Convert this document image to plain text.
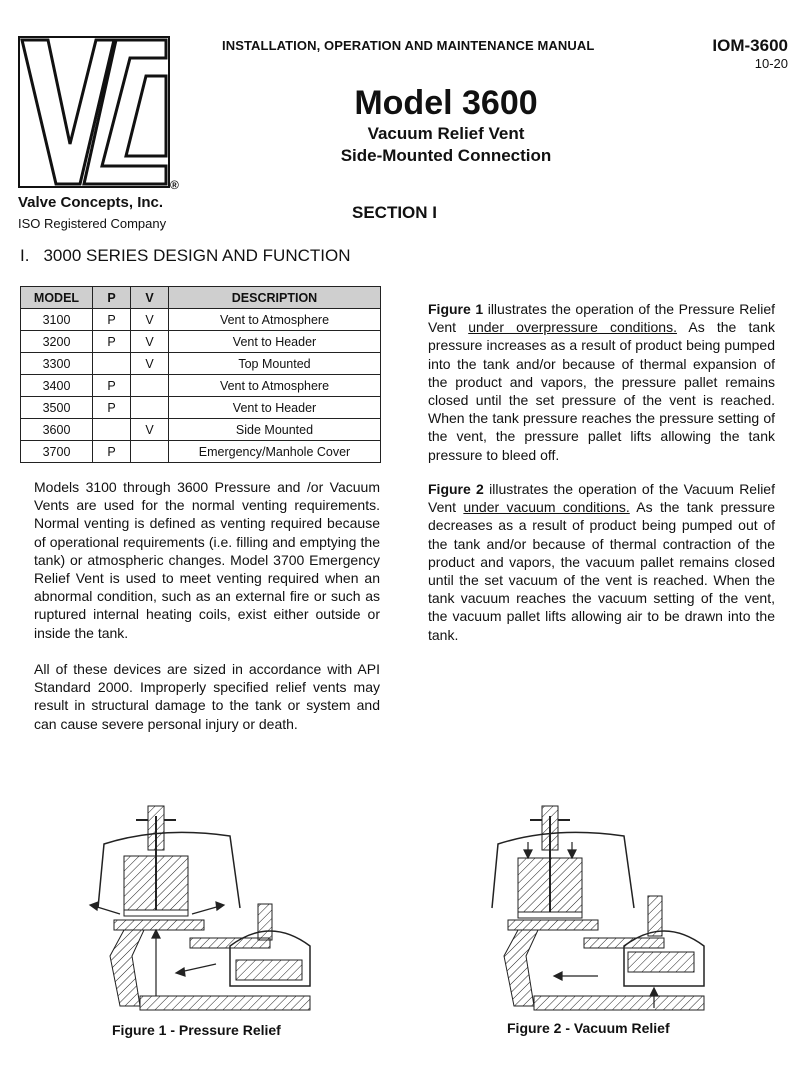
®
Valve Concepts, Inc.
ISO Registered Company
INSTALLATION, OPERATION AND MAINTENANCE MANUAL	IOM-3600
10-20
Model 3600
Vacuum Relief Vent
Side-Mounted Connection
SECTION I
I. 3000 SERIES DESIGN AND FUNCTION
MODEL	P	V	DESCRIPTION
3100	P	V	Vent to Atmosphere
3200	P	V	Vent to Header
3300		V	Top Mounted
3400	P		Vent to Atmosphere
3500	P		Vent to Header
3600		V	Side Mounted
3700	P		Emergency/Manhole Cover
Models 3100 through 3600 Pressure and /or Vacuum Vents are used for the normal venting requirements. Normal venting is defined as venting required because of operational requirements (i.e. filling and emptying the tank) or atmospheric changes. Model 3700 Emergency Relief Vent is used to meet venting required when an abnormal condition, such as an external fire or such as ruptured internal heating coils, exist either outside or inside the tank.
All of these devices are sized in accordance with API Standard 2000. Improperly specified relief vents may result in structural damage to the tank or system and can cause severe personal injury or death.
Figure 1 illustrates the operation of the Pressure Relief Vent under overpressure conditions. As the tank pressure increases as a result of product being pumped into the tank and/or because of thermal expansion of the product and vapors, the pressure pallet remains closed until the set pressure of the vent is reached. When the tank pressure reaches the pressure setting of the vent, the pressure pallet lifts allowing the tank pressure to bleed off.
Figure 2 illustrates the operation of the Vacuum Relief Vent under vacuum conditions. As the tank pressure decreases as a result of product being pumped out of the tank and/or because of thermal contraction of the product and vapors, the vacuum pallet remains closed until the set vacuum of the vent is reached. When the tank vacuum reaches the vacuum setting of the vent, the vacuum pallet lifts allowing air to be drawn into the tank.
Figure 1 - Pressure Relief	Figure 2 - Vacuum Relief
